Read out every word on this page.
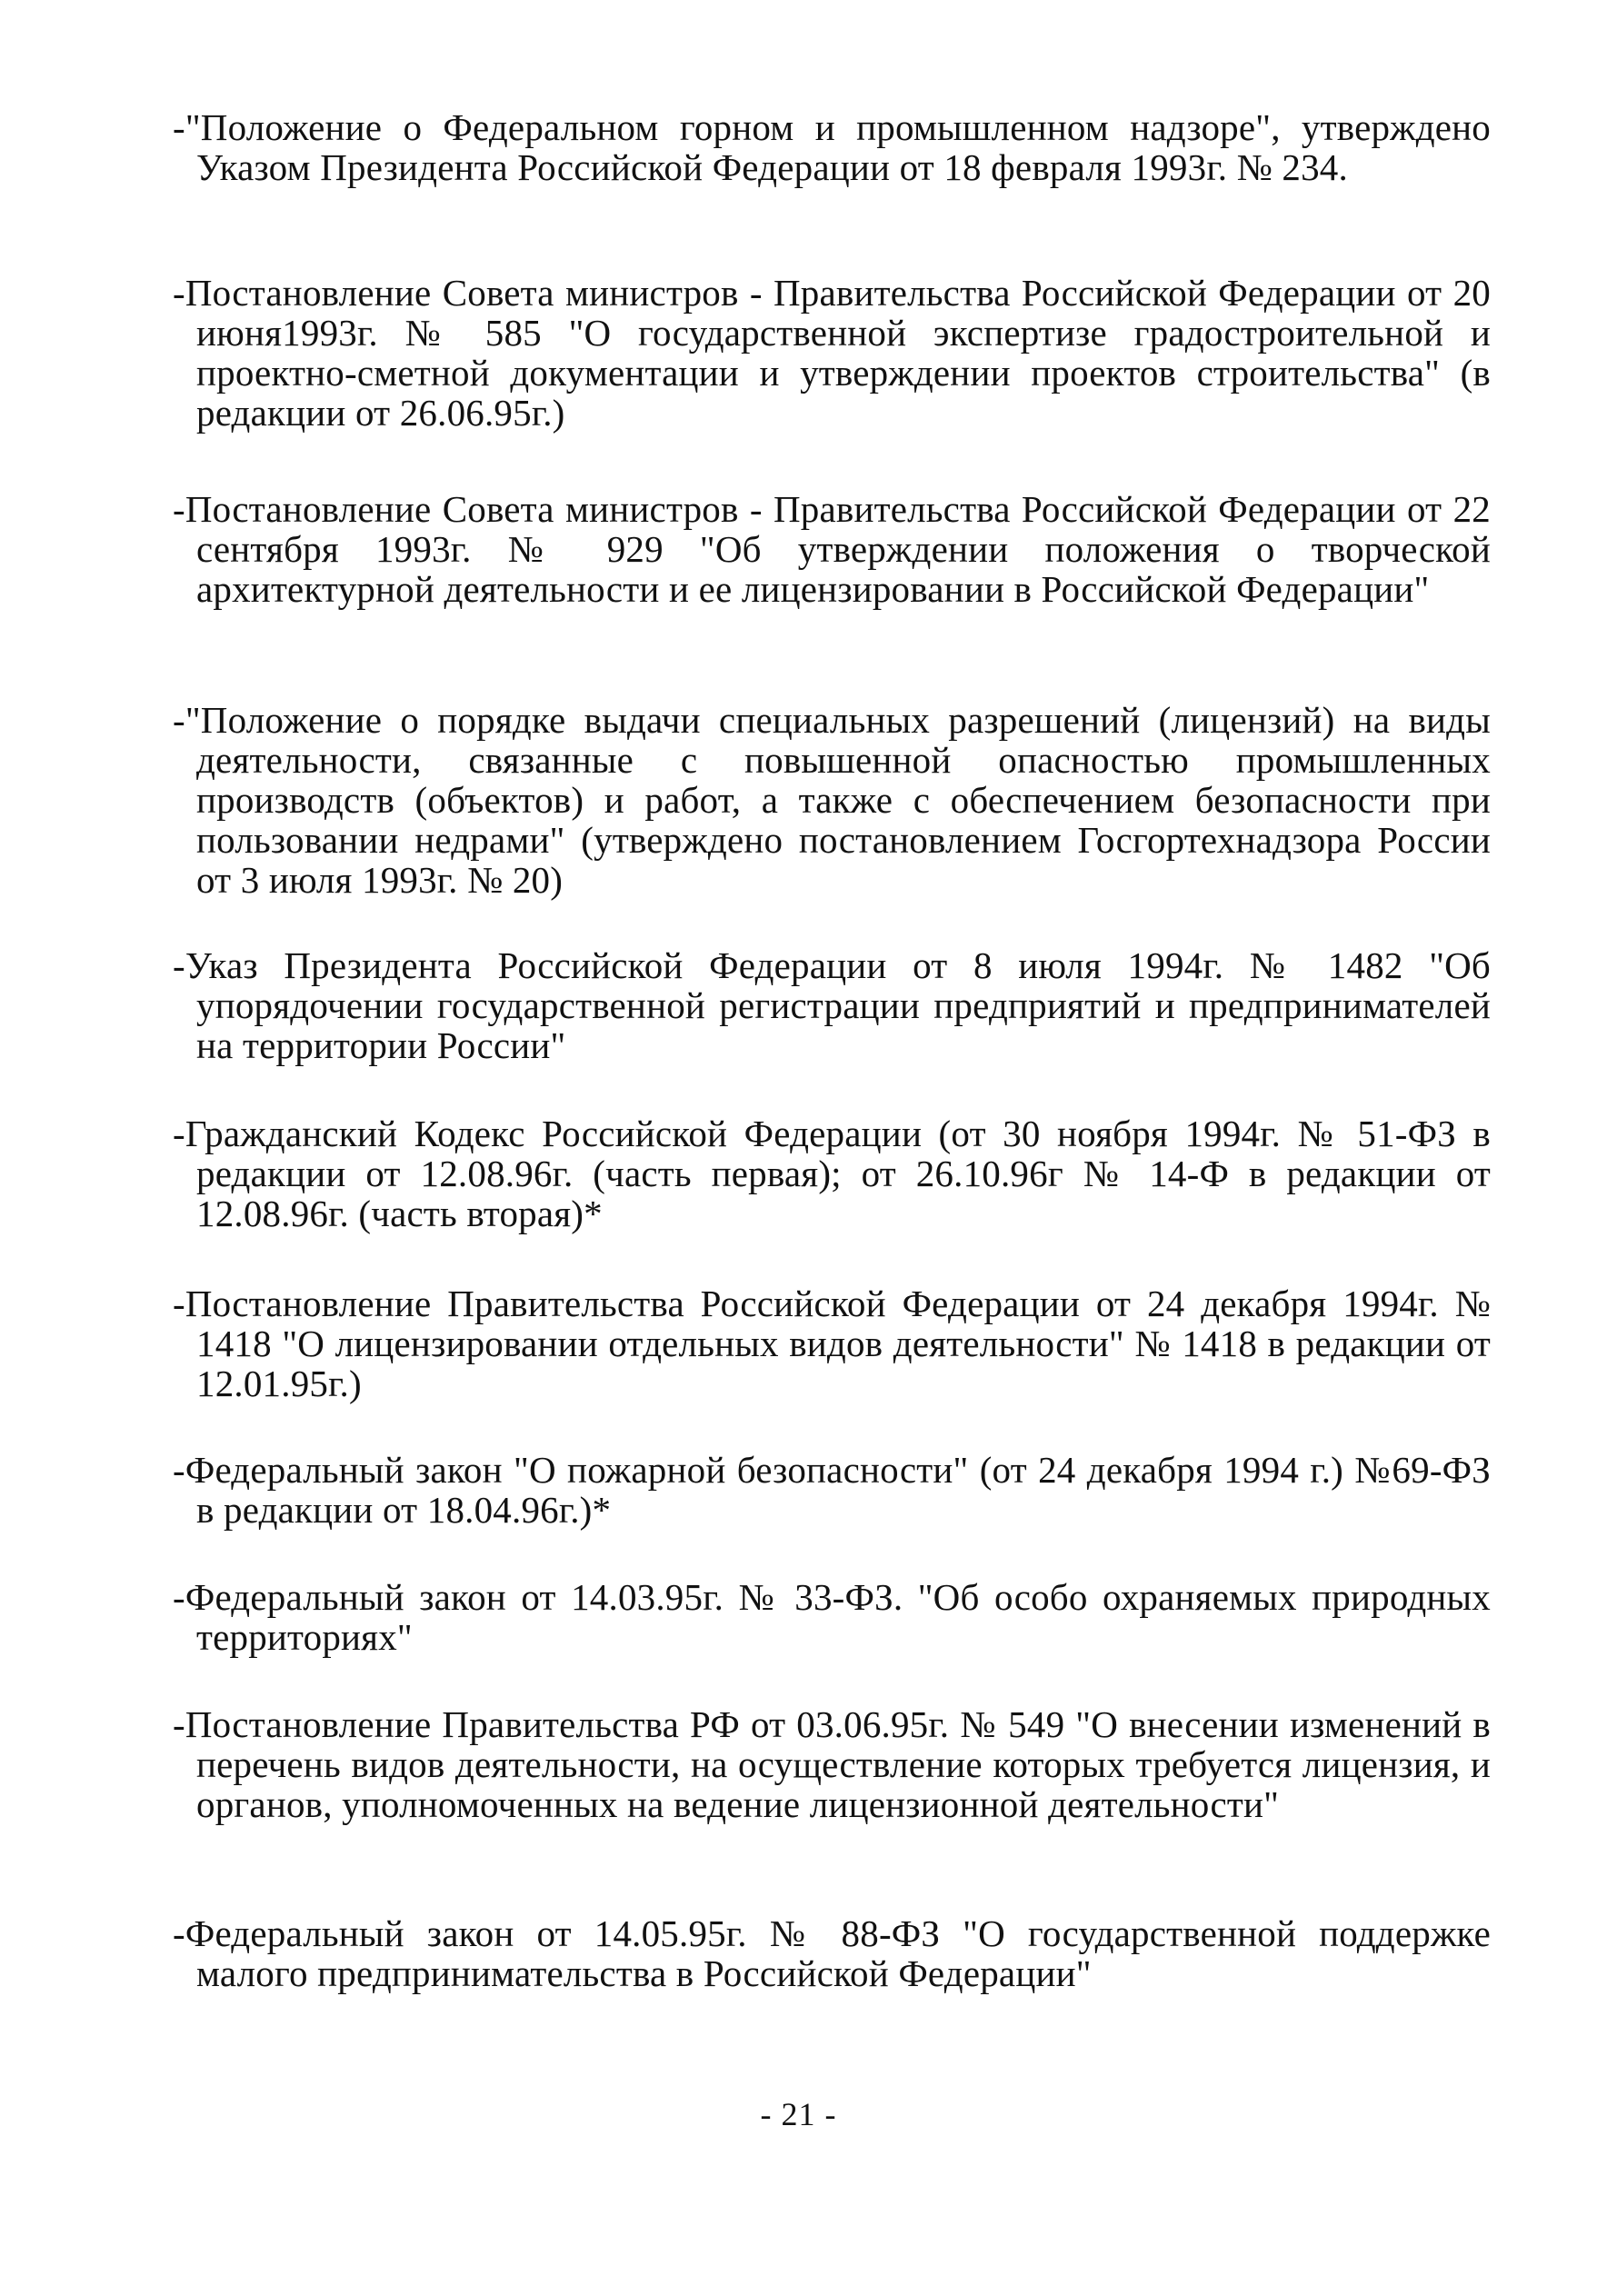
-"Положение о Федеральном горном и промышленном надзоре", утверждено Указом Президента Российской Федерации от 18 февраля 1993г. № 234.
-Постановление Совета министров - Правительства Российской Федерации от 20 июня1993г. № 585 "О государственной экспертизе градостроительной и проектно-сметной документации и утверждении проектов строительства" (в редакции от 26.06.95г.)
-Постановление Совета министров - Правительства Российской Федерации от 22 сентября 1993г. № 929 "Об утверждении положения о творческой архитектурной деятельности и ее лицензировании в Российской Федерации"
-"Положение о порядке выдачи специальных разрешений (лицензий) на виды деятельности, связанные с повышенной опасностью промышленных производств (объектов) и работ, а также с обеспечением безопасности при пользовании недрами" (утверждено постановлением Госгортехнадзора России от 3 июля 1993г. № 20)
-Указ Президента Российской Федерации от 8 июля 1994г. № 1482 "Об упорядочении государственной регистрации предприятий и предпринимателей на территории России"
-Гражданский Кодекс Российской Федерации (от 30 ноября 1994г. № 51-ФЗ в редакции от 12.08.96г. (часть первая); от 26.10.96г № 14-Ф в редакции от 12.08.96г. (часть вторая)*
-Постановление Правительства Российской Федерации от 24 декабря 1994г. № 1418 "О лицензировании отдельных видов деятельности" № 1418 в редакции от 12.01.95г.)
-Федеральный закон "О пожарной безопасности" (от 24 декабря 1994 г.) №69-ФЗ в редакции от 18.04.96г.)*
-Федеральный закон от 14.03.95г. № 33-ФЗ. "Об особо охраняемых природных территориях"
-Постановление Правительства РФ от 03.06.95г. № 549 "О внесении изменений в перечень видов деятельности, на осуществление которых требуется лицензия, и органов, уполномоченных на ведение лицензионной деятельности"
-Федеральный закон от 14.05.95г. № 88-ФЗ "О государственной поддержке малого предпринимательства в Российской Федерации"
- 21 -
